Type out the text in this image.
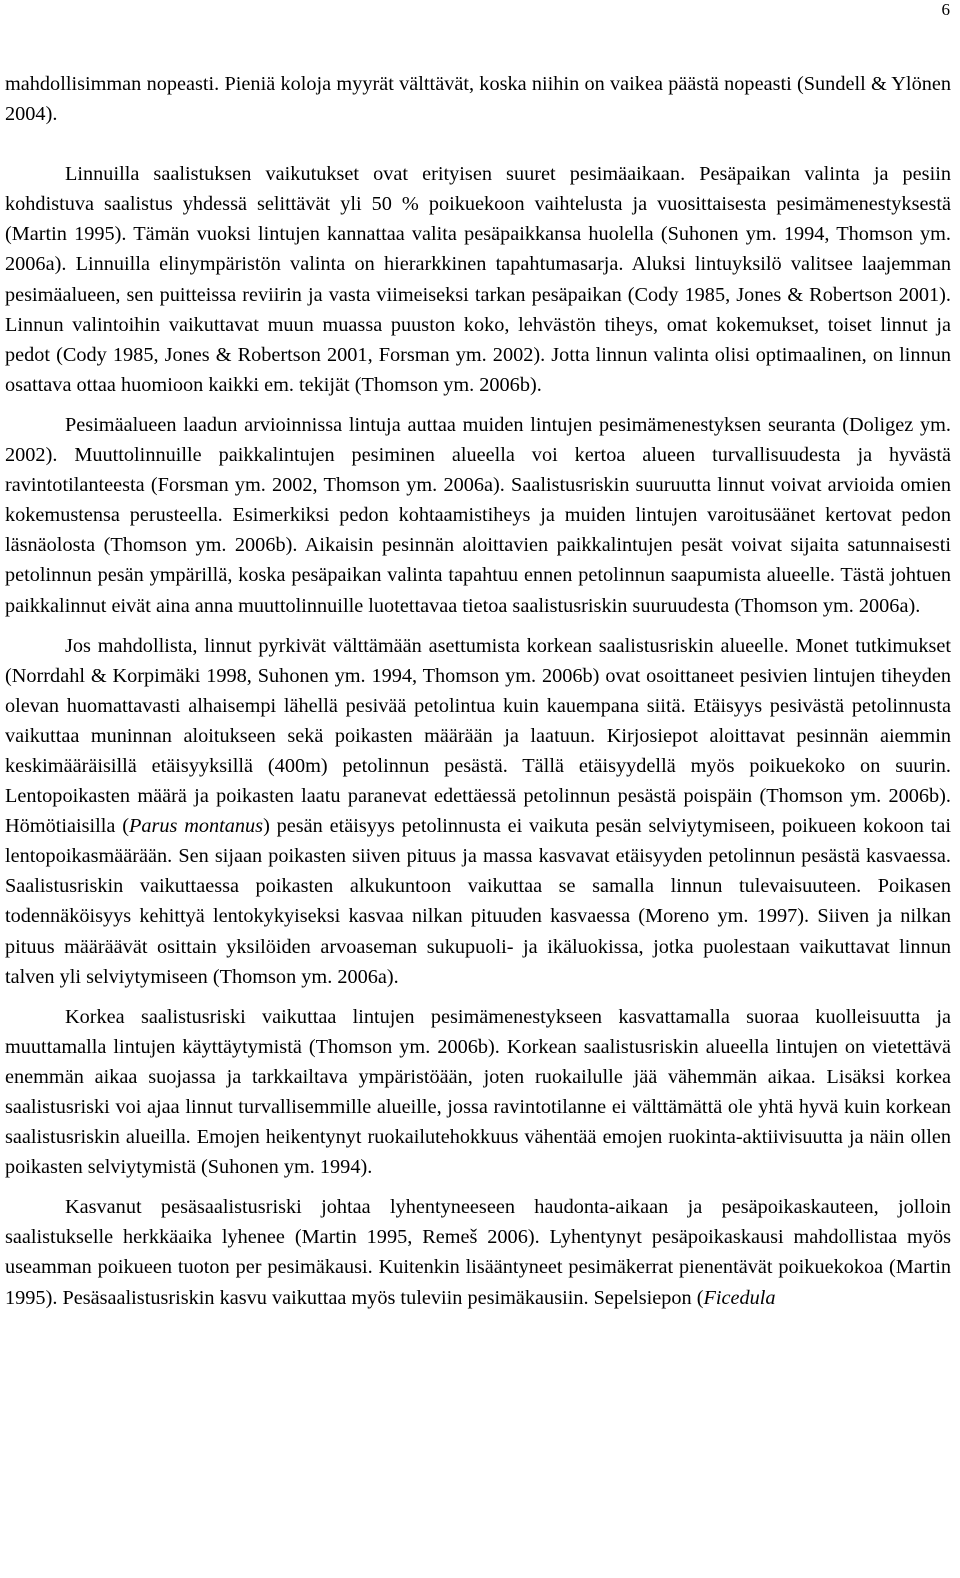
6

mahdollisimman nopeasti. Pieniä koloja myyrät välttävät, koska niihin on vaikea päästä nopeasti (Sundell & Ylönen 2004).

Linnuilla saalistuksen vaikutukset ovat erityisen suuret pesimäaikaan. Pesäpaikan valinta ja pesiin kohdistuva saalistus yhdessä selittävät yli 50 % poikuekoon vaihtelusta ja vuosittaisesta pesimämenestyksestä (Martin 1995). Tämän vuoksi lintujen kannattaa valita pesäpaikkansa huolella (Suhonen ym. 1994, Thomson ym. 2006a). Linnuilla elinympäristön valinta on hierarkkinen tapahtumasarja. Aluksi lintuyksilö valitsee laajemman pesimäalueen, sen puitteissa reviirin ja vasta viimeiseksi tarkan pesäpaikan (Cody 1985, Jones & Robertson 2001). Linnun valintoihin vaikuttavat muun muassa puuston koko, lehvästön tiheys, omat kokemukset, toiset linnut ja pedot (Cody 1985, Jones & Robertson 2001, Forsman ym. 2002). Jotta linnun valinta olisi optimaalinen, on linnun osattava ottaa huomioon kaikki em. tekijät (Thomson ym. 2006b).

Pesimäalueen laadun arvioinnissa lintuja auttaa muiden lintujen pesimämenestyksen seuranta (Doligez ym. 2002). Muuttolinnuille paikkalintujen pesiminen alueella voi kertoa alueen turvallisuudesta ja hyvästä ravintotilanteesta (Forsman ym. 2002, Thomson ym. 2006a). Saalistusriskin suuruutta linnut voivat arvioida omien kokemustensa perusteella. Esimerkiksi pedon kohtaamistiheys ja muiden lintujen varoitusäänet kertovat pedon läsnäolosta (Thomson ym. 2006b). Aikaisin pesinnän aloittavien paikkalintujen pesät voivat sijaita satunnaisesti petolinnun pesän ympärillä, koska pesäpaikan valinta tapahtuu ennen petolinnun saapumista alueelle. Tästä johtuen paikkalinnut eivät aina anna muuttolinnuille luotettavaa tietoa saalistusriskin suuruudesta (Thomson ym. 2006a).

Jos mahdollista, linnut pyrkivät välttämään asettumista korkean saalistusriskin alueelle. Monet tutkimukset (Norrdahl & Korpimäki 1998, Suhonen ym. 1994, Thomson ym. 2006b) ovat osoittaneet pesivien lintujen tiheyden olevan huomattavasti alhaisempi lähellä pesivää petolintua kuin kauempana siitä. Etäisyys pesivästä petolinnusta vaikuttaa muninnan aloitukseen sekä poikasten määrään ja laatuun. Kirjosiepot aloittavat pesinnän aiemmin keskimääräisillä etäisyyksillä (400m) petolinnun pesästä. Tällä etäisyydellä myös poikuekoko on suurin. Lentopoikasten määrä ja poikasten laatu paranevat edettäessä petolinnun pesästä poispäin (Thomson ym. 2006b). Hömötiaisilla (Parus montanus) pesän etäisyys petolinnusta ei vaikuta pesän selviytymiseen, poikueen kokoon tai lentopoikasmäärään. Sen sijaan poikasten siiven pituus ja massa kasvavat etäisyyden petolinnun pesästä kasvaessa. Saalistusriskin vaikuttaessa poikasten alkukuntoon vaikuttaa se samalla linnun tulevaisuuteen. Poikasen todennäköisyys kehittyä lentokykyiseksi kasvaa nilkan pituuden kasvaessa (Moreno ym. 1997). Siiven ja nilkan pituus määräävät osittain yksilöiden arvoaseman sukupuoli- ja ikäluokissa, jotka puolestaan vaikuttavat linnun talven yli selviytymiseen (Thomson ym. 2006a).

Korkea saalistusriski vaikuttaa lintujen pesimämenestykseen kasvattamalla suoraa kuolleisuutta ja muuttamalla lintujen käyttäytymistä (Thomson ym. 2006b). Korkean saalistusriskin alueella lintujen on vietettävä enemmän aikaa suojassa ja tarkkailtava ympäristöään, joten ruokailulle jää vähemmän aikaa. Lisäksi korkea saalistusriski voi ajaa linnut turvallisemmille alueille, jossa ravintotilanne ei välttämättä ole yhtä hyvä kuin korkean saalistusriskin alueilla. Emojen heikentynyt ruokailutehokkuus vähentää emojen ruokinta-aktiivisuutta ja näin ollen poikasten selviytymistä (Suhonen ym. 1994).

Kasvanut pesäsaalistusriski johtaa lyhentyneeseen haudonta-aikaan ja pesäpoikaskauteen, jolloin saalistukselle herkkäaika lyhenee (Martin 1995, Remeš 2006). Lyhentynyt pesäpoikaskausi mahdollistaa myös useamman poikueen tuoton per pesimäkausi. Kuitenkin lisääntyneet pesimäkerrat pienentävät poikuekokoa (Martin 1995). Pesäsaalistusriskin kasvu vaikuttaa myös tuleviin pesimäkausiin. Sepelsiepon (Ficedula
